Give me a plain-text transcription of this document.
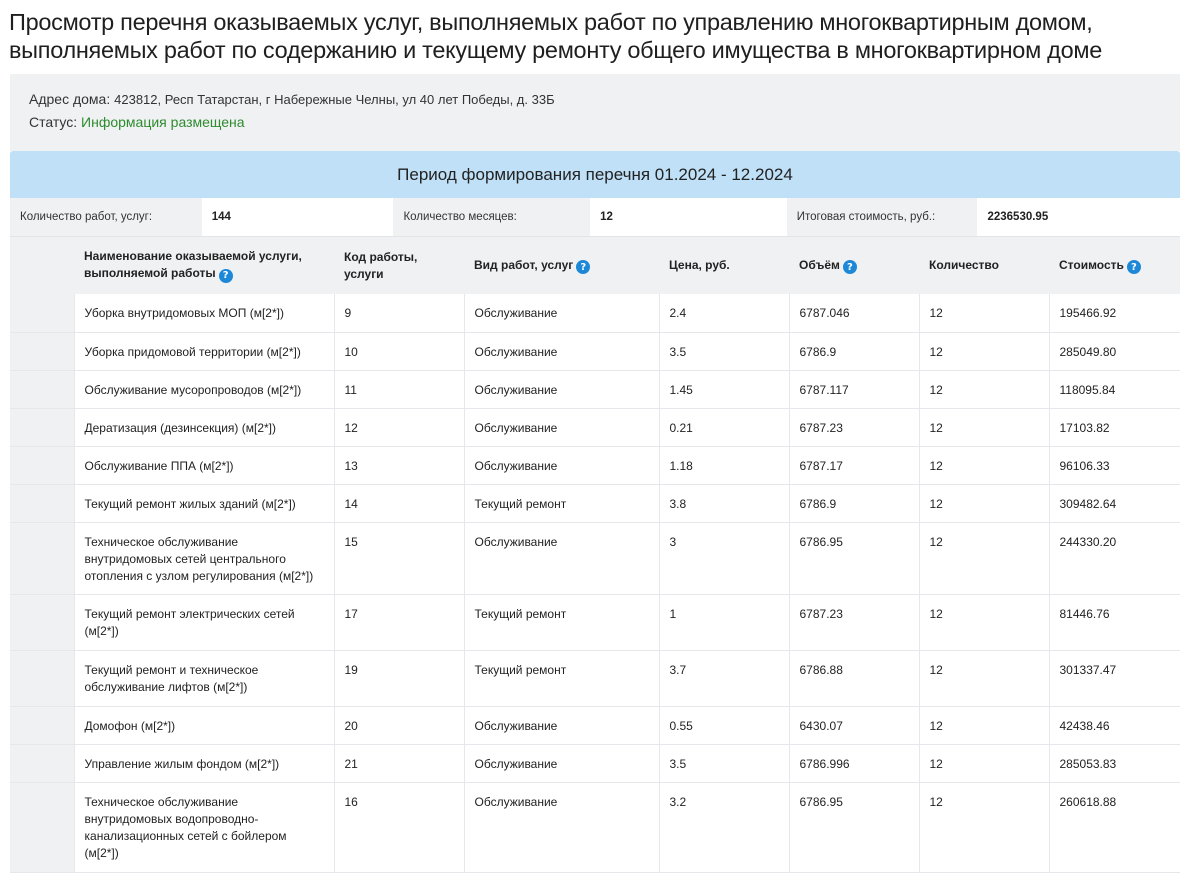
Просмотр перечня оказываемых услуг, выполняемых работ по управлению многоквартирным домом, выполняемых работ по содержанию и текущему ремонту общего имущества в многоквартирном доме
Адрес дома: 423812, Респ Татарстан, г Набережные Челны, ул 40 лет Победы, д. 33Б
Статус: Информация размещена
Период формирования перечня 01.2024 - 12.2024
Количество работ, услуг:	144	Количество месяцев:	12	Итоговая стоимость, руб.:	2236530.95
	Наименование оказываемой услуги, выполняемой работы ?	Код работы, услуги	Вид работ, услуг ?	Цена, руб.	Объём ?	Количество	Стоимость ?
	Уборка внутридомовых МОП (м[2*])	9	Обслуживание	2.4	6787.046	12	195466.92
	Уборка придомовой территории (м[2*])	10	Обслуживание	3.5	6786.9	12	285049.80
	Обслуживание мусоропроводов (м[2*])	11	Обслуживание	1.45	6787.117	12	118095.84
	Дератизация (дезинсекция) (м[2*])	12	Обслуживание	0.21	6787.23	12	17103.82
	Обслуживание ППА (м[2*])	13	Обслуживание	1.18	6787.17	12	96106.33
	Текущий ремонт жилых зданий (м[2*])	14	Текущий ремонт	3.8	6786.9	12	309482.64
	Техническое обслуживание внутридомовых сетей центрального отопления с узлом регулирования (м[2*])	15	Обслуживание	3	6786.95	12	244330.20
	Текущий ремонт электрических сетей (м[2*])	17	Текущий ремонт	1	6787.23	12	81446.76
	Текущий ремонт и техническое обслуживание лифтов (м[2*])	19	Текущий ремонт	3.7	6786.88	12	301337.47
	Домофон (м[2*])	20	Обслуживание	0.55	6430.07	12	42438.46
	Управление жилым фондом (м[2*])	21	Обслуживание	3.5	6786.996	12	285053.83
	Техническое обслуживание внутридомовых водопроводно-канализационных сетей с бойлером (м[2*])	16	Обслуживание	3.2	6786.95	12	260618.88
